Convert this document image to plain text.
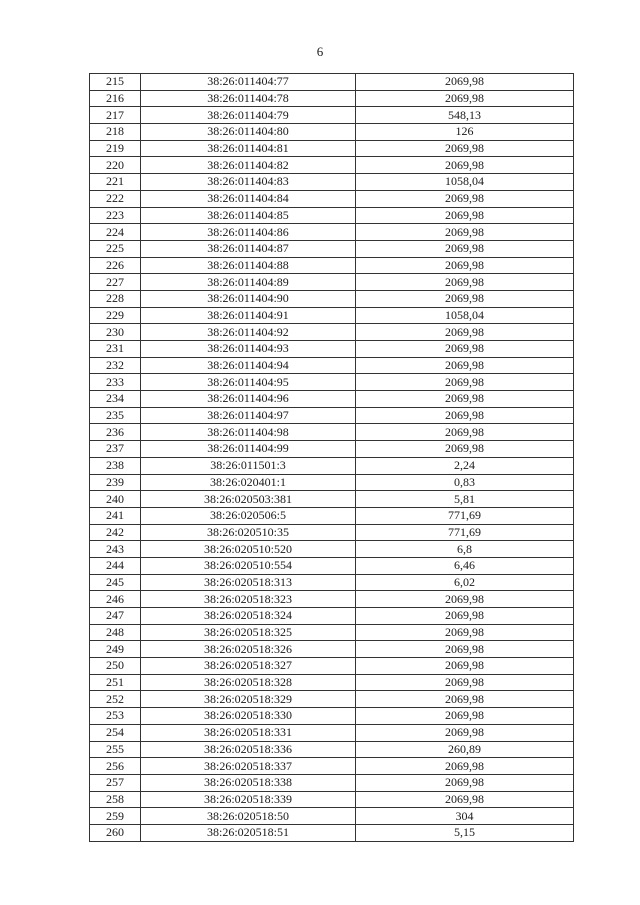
6
215	38:26:011404:77	2069,98
216	38:26:011404:78	2069,98
217	38:26:011404:79	548,13
218	38:26:011404:80	126
219	38:26:011404:81	2069,98
220	38:26:011404:82	2069,98
221	38:26:011404:83	1058,04
222	38:26:011404:84	2069,98
223	38:26:011404:85	2069,98
224	38:26:011404:86	2069,98
225	38:26:011404:87	2069,98
226	38:26:011404:88	2069,98
227	38:26:011404:89	2069,98
228	38:26:011404:90	2069,98
229	38:26:011404:91	1058,04
230	38:26:011404:92	2069,98
231	38:26:011404:93	2069,98
232	38:26:011404:94	2069,98
233	38:26:011404:95	2069,98
234	38:26:011404:96	2069,98
235	38:26:011404:97	2069,98
236	38:26:011404:98	2069,98
237	38:26:011404:99	2069,98
238	38:26:011501:3	2,24
239	38:26:020401:1	0,83
240	38:26:020503:381	5,81
241	38:26:020506:5	771,69
242	38:26:020510:35	771,69
243	38:26:020510:520	6,8
244	38:26:020510:554	6,46
245	38:26:020518:313	6,02
246	38:26:020518:323	2069,98
247	38:26:020518:324	2069,98
248	38:26:020518:325	2069,98
249	38:26:020518:326	2069,98
250	38:26:020518:327	2069,98
251	38:26:020518:328	2069,98
252	38:26:020518:329	2069,98
253	38:26:020518:330	2069,98
254	38:26:020518:331	2069,98
255	38:26:020518:336	260,89
256	38:26:020518:337	2069,98
257	38:26:020518:338	2069,98
258	38:26:020518:339	2069,98
259	38:26:020518:50	304
260	38:26:020518:51	5,15
